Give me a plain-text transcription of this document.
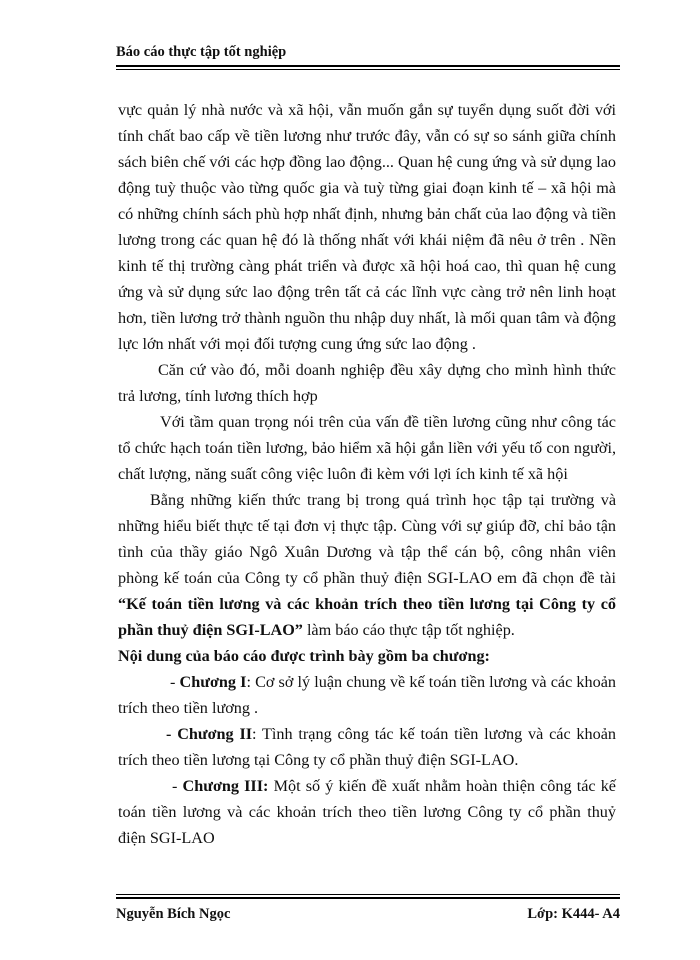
Báo cáo thực tập tốt nghiệp

vực quản lý nhà nước và xã hội, vẫn muốn gắn sự tuyển dụng suốt đời với tính chất bao cấp về tiền lương như trước đây, vẫn có sự so sánh giữa chính sách biên chế với các hợp đồng lao động... Quan hệ cung ứng và sử dụng lao động tuỳ thuộc vào từng quốc gia và tuỳ từng giai đoạn kinh tế – xã hội mà có những chính sách phù hợp nhất định, nhưng bản chất của lao động và tiền lương trong các quan hệ đó là thống nhất với khái niệm đã nêu ở trên . Nền kinh tế thị trường càng phát triển và được xã hội hoá cao, thì quan hệ cung ứng và sử dụng sức lao động trên tất cả các lĩnh vực càng trở nên linh hoạt hơn, tiền lương trở thành nguồn thu nhập duy nhất, là mối quan tâm và động lực lớn nhất với mọi đối tượng cung ứng sức lao động .

Căn cứ vào đó, mỗi doanh nghiệp đều xây dựng cho mình hình thức trả lương, tính lương thích hợp

Với tầm quan trọng nói trên của vấn đề tiền lương cũng như công tác tổ chức hạch toán tiền lương, bảo hiểm xã hội gắn liền với yếu tố con người, chất lượng, năng suất công việc luôn đi kèm với lợi ích kinh tế xã hội

Bằng những kiến thức trang bị trong quá trình học tập tại trường và những hiểu biết thực tế tại đơn vị thực tập. Cùng với sự giúp đỡ, chỉ bảo tận tình của thầy giáo Ngô Xuân Dương và tập thể cán bộ, công nhân viên phòng kế toán của Công ty cổ phần thuỷ điện SGI-LAO em đã chọn đề tài “Kế toán tiền lương và các khoản trích theo tiền lương tại Công ty cổ phần thuỷ điện SGI-LAO” làm báo cáo thực tập tốt nghiệp.

Nội dung của báo cáo được trình bày gồm ba chương:

- Chương I: Cơ sở lý luận chung về kế toán tiền lương và các khoản trích theo tiền lương .

- Chương II: Tình trạng công tác kế toán tiền lương và các khoản trích theo tiền lương tại Công ty cổ phần thuỷ điện SGI-LAO.

- Chương III: Một số ý kiến đề xuất nhằm hoàn thiện công tác kế toán tiền lương và các khoản trích theo tiền lương Công ty cổ phần thuỷ điện SGI-LAO

Nguyễn Bích Ngọc	Lớp: K444- A4
